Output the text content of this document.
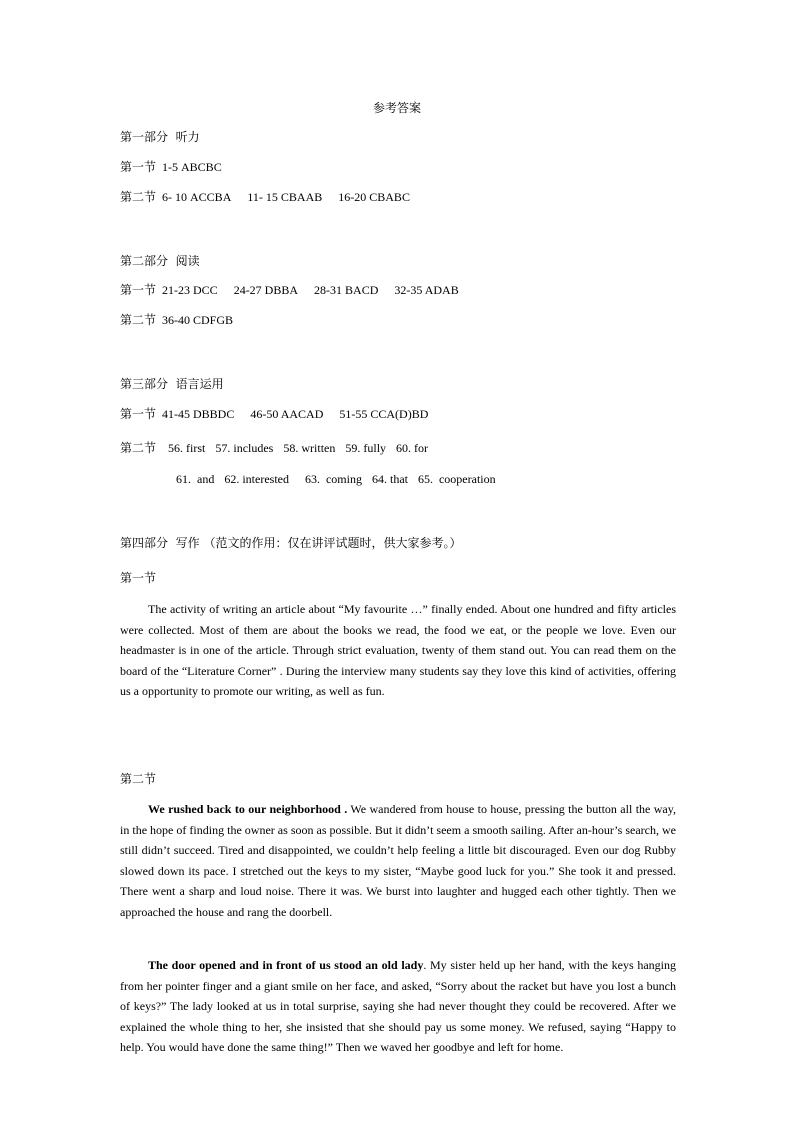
参考答案
第一部分  听力
第一节 1-5 ABCBC
第二节 6- 10 ACCBA 11- 15 CBAAB 16-20 CBABC
第二部分  阅读
第一节 21-23 DCC 24-27 DBBA 28-31 BACD 32-35 ADAB
第二节 36-40 CDFGB
第三部分  语言运用
第一节 41-45 DBBDC 46-50 AACAD 51-55 CCA(D)BD
第二节 56. first 57. includes 58. written 59. fully 60. for
61.  and 62. interested 63.  coming 64. that 65.  cooperation
第四部分  写作 （范文的作用：仅在讲评试题时，供大家参考。）
第一节
The activity of writing an article about “My favourite …” finally ended. About one hundred and fifty articles were collected. Most of them are about the books we read, the food we eat, or the people we love. Even our headmaster is in one of the article. Through strict evaluation, twenty of them stand out. You can read them on the board of the “Literature Corner” . During the interview many students say they love this kind of activities, offering us a opportunity to promote our writing, as well as fun.
第二节
We rushed back to our neighborhood . We wandered from house to house, pressing the button all the way, in the hope of finding the owner as soon as possible. But it didn’t seem a smooth sailing. After an-hour’s search, we still didn’t succeed. Tired and disappointed, we couldn’t help feeling a little bit discouraged. Even our dog Rubby slowed down its pace. I stretched out the keys to my sister, “Maybe good luck for you.” She took it and pressed. There went a sharp and loud noise. There it was. We burst into laughter and hugged each other tightly. Then we approached the house and rang the doorbell.
The door opened and in front of us stood an old lady. My sister held up her hand, with the keys hanging from her pointer finger and a giant smile on her face, and asked, “Sorry about the racket but have you lost a bunch of keys?” The lady looked at us in total surprise, saying she had never thought they could be recovered. After we explained the whole thing to her, she insisted that she should pay us some money. We refused, saying “Happy to help. You would have done the same thing!” Then we waved her goodbye and left for home.
